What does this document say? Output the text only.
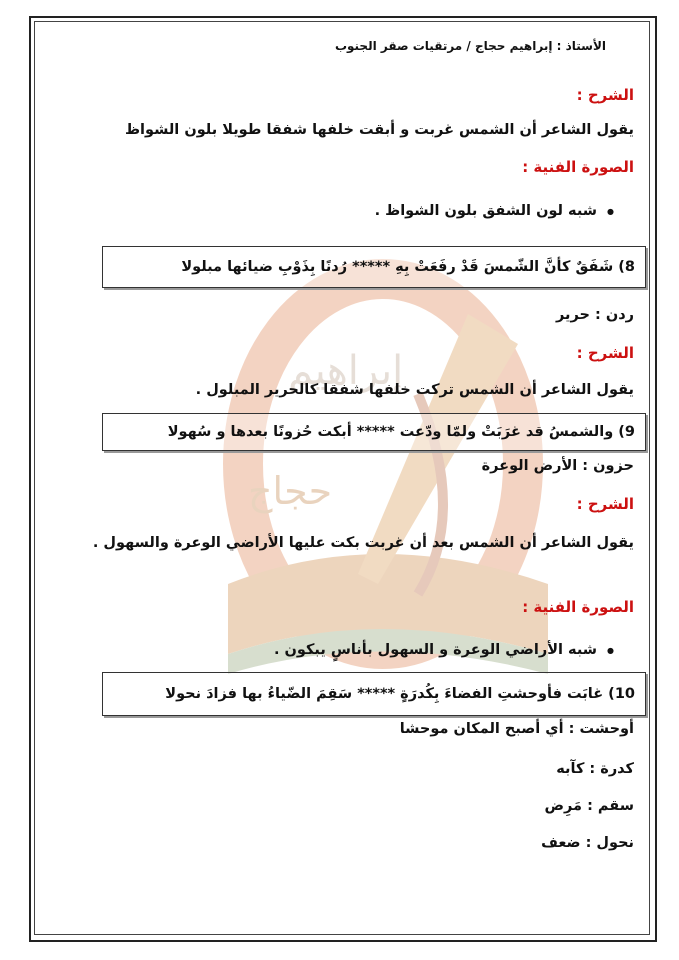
إبراهيم
حجاج
الأستاذ : إبراهيم حجاج / مرتقيات صقر الجنوب
الشرح :
يقول الشاعر أن الشمس غربت و أبقت خلفها شفقا طويلا بلون الشواظ
الصورة الفنية :
● شبه لون الشفق بلون الشواظ .
8) شَفَقٌ كأنَّ الشّمسَ قَدْ رفَعَتْ بِهِ ***** رُدنًا بِذَوْبِ ضيائها مبلولا
ردن : حرير
الشرح :
يقول الشاعر أن الشمس تركت خلفها شفقا كالحرير المبلول .
9) والشمسُ قد غرَبَتْ ولمّا ودّعت ***** أبكت حُزونًا بعدها و سُهولا
حزون : الأرض الوعرة
الشرح :
يقول الشاعر أن الشمس بعد أن غربت بكت عليها الأراضي الوعرة والسهول .
الصورة الفنية :
● شبه الأراضي الوعرة و السهول بأناسٍ يبكون .
10) غابَت فأوحشتِ الفضاءَ بِكُدرَةٍ ***** سَقِمَ الضّياءُ بها فزادَ نحولا
أوحشت : أي أصبح المكان موحشا
كدرة : كآبه
سقم : مَرِض
نحول : ضعف
